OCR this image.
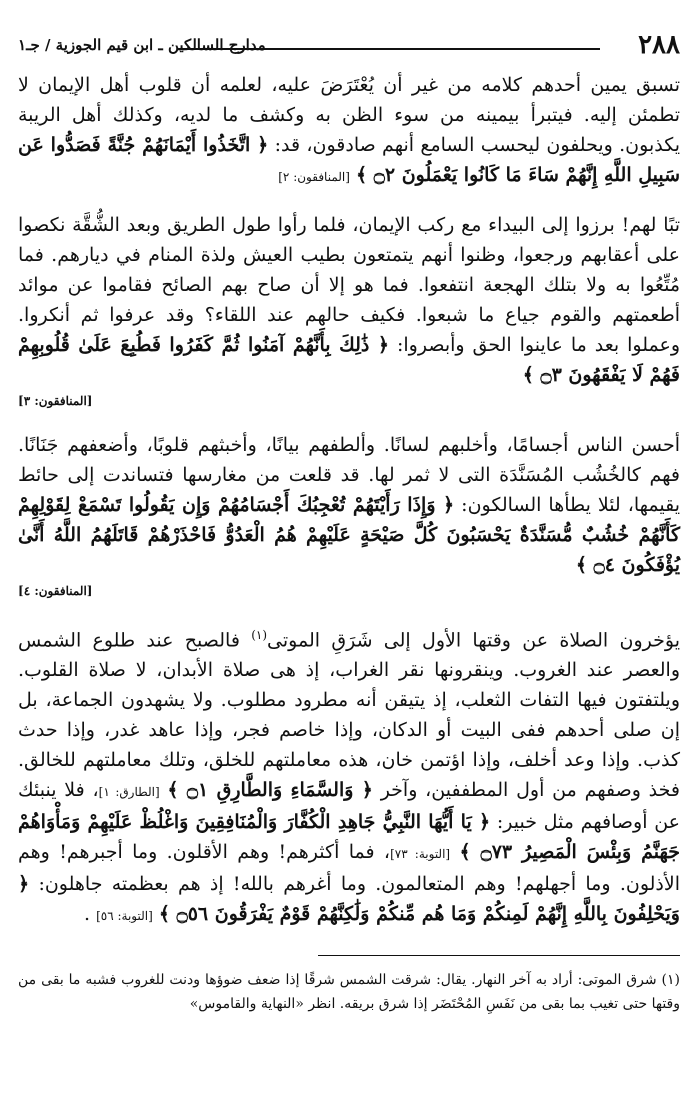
٢٨٨
مدارج السالكين ـ ابن قيم الجوزية / جـ١

تسبق يمين أحدهم كلامه من غير أن يُعْتَرَضَ عليه، لعلمه أن قلوب أهل الإيمان لا تطمئن إليه. فيتبرأ بيمينه من سوء الظن به وكشف ما لديه، وكذلك أهل الريبة يكذبون. ويحلفون ليحسب السامع أنهم صادقون، قد: ﴿ اتَّخَذُوا أَيْمَانَهُمْ جُنَّةً فَصَدُّوا عَن سَبِيلِ اللَّهِ إِنَّهُمْ سَاءَ مَا كَانُوا يَعْمَلُونَ ۝٢ ﴾ [المنافقون: ٢]

تبًا لهم! برزوا إلى البيداء مع ركب الإيمان، فلما رأوا طول الطريق وبعد الشُّقَّة نكصوا على أعقابهم ورجعوا، وظنوا أنهم يتمتعون بطيب العيش ولذة المنام في ديارهم. فما مُتِّعُوا به ولا بتلك الهجعة انتفعوا. فما هو إلا أن صاح بهم الصائح فقاموا عن موائد أطعمتهم والقوم جياع ما شبعوا. فكيف حالهم عند اللقاء؟ وقد عرفوا ثم أنكروا. وعملوا بعد ما عاينوا الحق وأبصروا: ﴿ ذَٰلِكَ بِأَنَّهُمْ آمَنُوا ثُمَّ كَفَرُوا فَطُبِعَ عَلَىٰ قُلُوبِهِمْ فَهُمْ لَا يَفْقَهُونَ ۝٣ ﴾

[المنافقون: ٣]

أحسن الناس أجسامًا، وأخلبهم لسانًا. وألطفهم بيانًا، وأخبثهم قلوبًا، وأضعفهم جَنَانًا. فهم كالخُشُب المُسَنَّدَة التى لا ثمر لها. قد قلعت من مغارسها فتساندت إلى حائط يقيمها، لئلا يطأها السالكون: ﴿ وَإِذَا رَأَيْتَهُمْ تُعْجِبُكَ أَجْسَامُهُمْ وَإِن يَقُولُوا تَسْمَعْ لِقَوْلِهِمْ كَأَنَّهُمْ خُشُبٌ مُّسَنَّدَةٌ يَحْسَبُونَ كُلَّ صَيْحَةٍ عَلَيْهِمْ هُمُ الْعَدُوُّ فَاحْذَرْهُمْ قَاتَلَهُمُ اللَّهُ أَنَّىٰ يُؤْفَكُونَ ۝٤ ﴾

[المنافقون: ٤]

يؤخرون الصلاة عن وقتها الأول إلى شَرَقِ الموتى$^{(١)}$ فالصبح عند طلوع الشمس والعصر عند الغروب. وينقرونها نقر الغراب، إذ هى صلاة الأبدان، لا صلاة القلوب. ويلتفتون فيها التفات الثعلب، إذ يتيقن أنه مطرود مطلوب. ولا يشهدون الجماعة، بل إن صلى أحدهم ففى البيت أو الدكان، وإذا خاصم فجر، وإذا عاهد غدر، وإذا حدث كذب. وإذا وعد أخلف، وإذا اؤتمن خان، هذه معاملتهم للخلق، وتلك معاملتهم للخالق. فخذ وصفهم من أول المطففين، وآخر ﴿ وَالسَّمَاءِ وَالطَّارِقِ ۝١ ﴾ [الطارق: ١]، فلا ينبئك عن أوصافهم مثل خبير: ﴿ يَا أَيُّهَا النَّبِيُّ جَاهِدِ الْكُفَّارَ وَالْمُنَافِقِينَ وَاغْلُظْ عَلَيْهِمْ وَمَأْوَاهُمْ جَهَنَّمُ وَبِئْسَ الْمَصِيرُ ۝٧٣ ﴾ [التوبة: ٧٣]، فما أكثرهم! وهم الأقلون. وما أجبرهم! وهم الأذلون. وما أجهلهم! وهم المتعالمون. وما أغرهم بالله! إذ هم بعظمته جاهلون: ﴿ وَيَحْلِفُونَ بِاللَّهِ إِنَّهُمْ لَمِنكُمْ وَمَا هُم مِّنكُمْ وَلَٰكِنَّهُمْ قَوْمٌ يَفْرَقُونَ ۝٥٦ ﴾ [التوبة: ٥٦] .

(١) شرق الموتى: أراد به آخر النهار. يقال: شرقت الشمس شرقًا إذا ضعف ضوؤها ودنت للغروب فشبه ما بقى من وقتها حتى تغيب بما بقى من نَفَسِ المُحْتَضَر إذا شرق بريقه. انظر «النهاية والقاموس»
